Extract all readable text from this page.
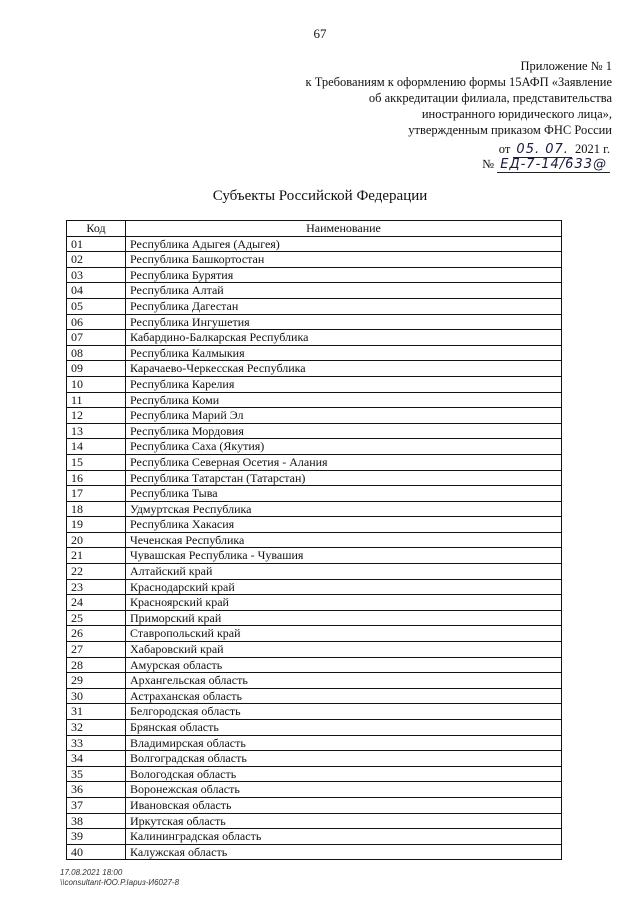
67
Приложение № 1
к Требованиям к оформлению формы 15АФП «Заявление
об аккредитации филиала, представительства
иностранного юридического лица»,
утвержденным приказом ФНС России
от 05. 07. 2021 г.
№ ЕД-7-14/633@
Субъекты Российской Федерации
Код	Наименование
01	Республика Адыгея (Адыгея)
02	Республика Башкортостан
03	Республика Бурятия
04	Республика Алтай
05	Республика Дагестан
06	Республика Ингушетия
07	Кабардино-Балкарская Республика
08	Республика Калмыкия
09	Карачаево-Черкесская Республика
10	Республика Карелия
11	Республика Коми
12	Республика Марий Эл
13	Республика Мордовия
14	Республика Саха (Якутия)
15	Республика Северная Осетия - Алания
16	Республика Татарстан (Татарстан)
17	Республика Тыва
18	Удмуртская Республика
19	Республика Хакасия
20	Чеченская Республика
21	Чувашская Республика - Чувашия
22	Алтайский край
23	Краснодарский край
24	Красноярский край
25	Приморский край
26	Ставропольский край
27	Хабаровский край
28	Амурская область
29	Архангельская область
30	Астраханская область
31	Белгородская область
32	Брянская область
33	Владимирская область
34	Волгоградская область
35	Вологодская область
36	Воронежская область
37	Ивановская область
38	Иркутская область
39	Калининградская область
40	Калужская область
17.08.2021 18:00
\\consultant-ЮО.Р.Іарuз-И6027-8
